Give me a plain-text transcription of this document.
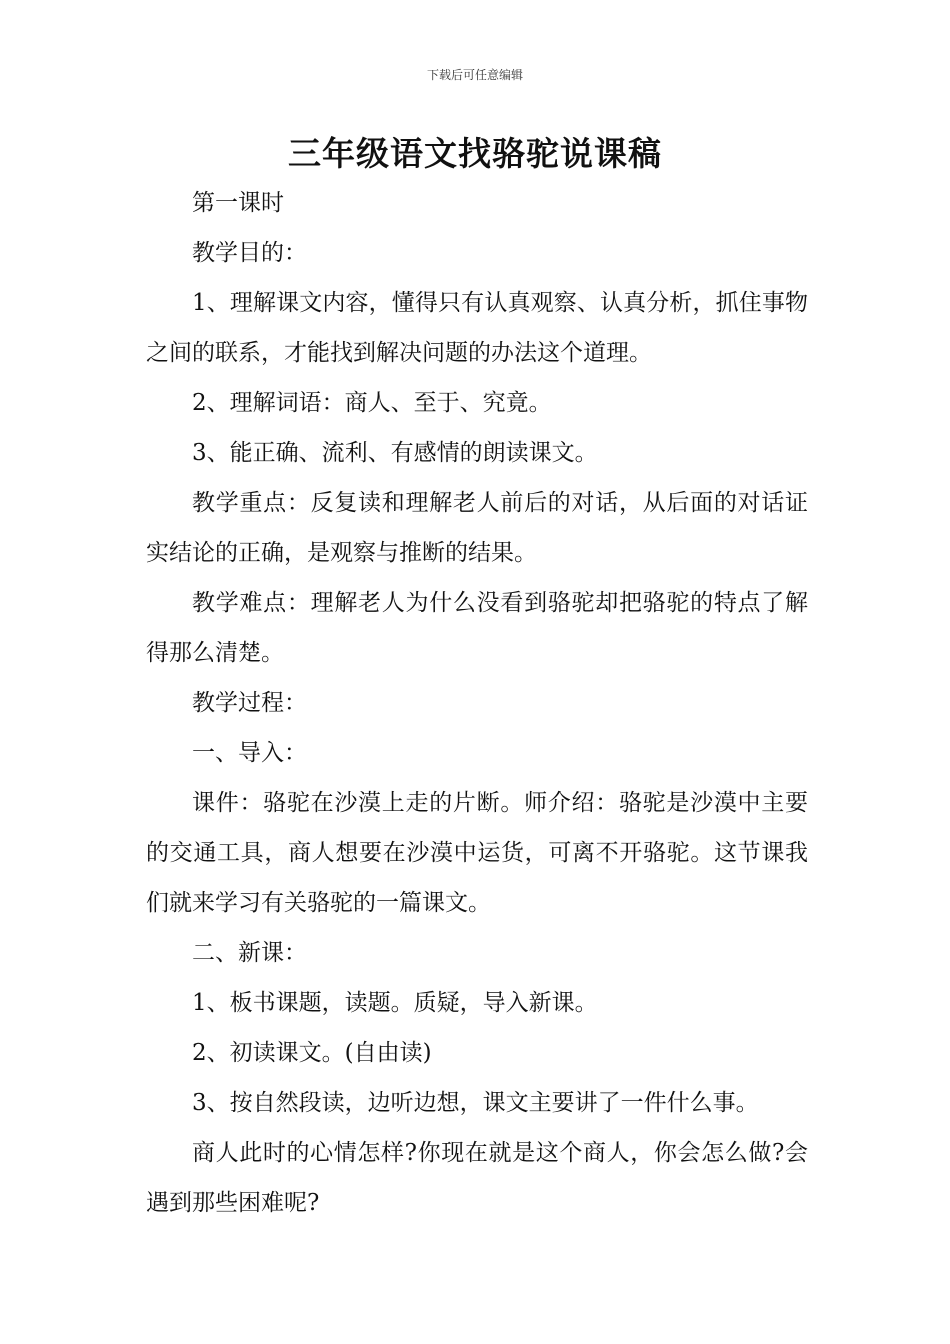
下载后可任意编辑
三年级语文找骆驼说课稿

第一课时

教学目的：

1、理解课文内容，懂得只有认真观察、认真分析，抓住事物之间的联系，才能找到解决问题的办法这个道理。

2、理解词语：商人、至于、究竟。

3、能正确、流利、有感情的朗读课文。

教学重点：反复读和理解老人前后的对话，从后面的对话证实结论的正确，是观察与推断的结果。

教学难点：理解老人为什么没看到骆驼却把骆驼的特点了解得那么清楚。

教学过程：

一、导入：

课件：骆驼在沙漠上走的片断。师介绍：骆驼是沙漠中主要的交通工具，商人想要在沙漠中运货，可离不开骆驼。这节课我们就来学习有关骆驼的一篇课文。

二、新课：

1、板书课题，读题。质疑，导入新课。

2、初读课文。(自由读)

3、按自然段读，边听边想，课文主要讲了一件什么事。

商人此时的心情怎样?你现在就是这个商人，你会怎么做?会遇到那些困难呢?
